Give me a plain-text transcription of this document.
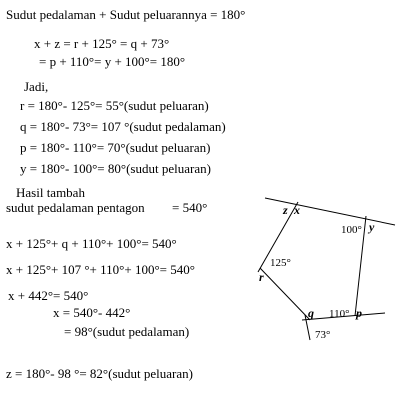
Sudut pedalaman + Sudut peluarannya = 180°
x + z = r + 125° = q + 73°
= p + 110°= y + 100°= 180°
Jadi,
r = 180°- 125°= 55°(sudut peluaran)
q = 180°- 73°= 107 °(sudut pedalaman)
p = 180°- 110°= 70°(sudut peluaran)
y = 180°- 100°= 80°(sudut peluaran)
Hasil tambah
sudut pedalaman pentagon = 540°
x + 125°+ q + 110°+ 100°= 540°
x + 125°+ 107 °+ 110°+ 100°= 540°
x + 442°= 540°
x = 540°- 442°
= 98°(sudut pedalaman)
z = 180°- 98 °= 82°(sudut peluaran)
z x
100° y
125°
r
q 110° p
73°
